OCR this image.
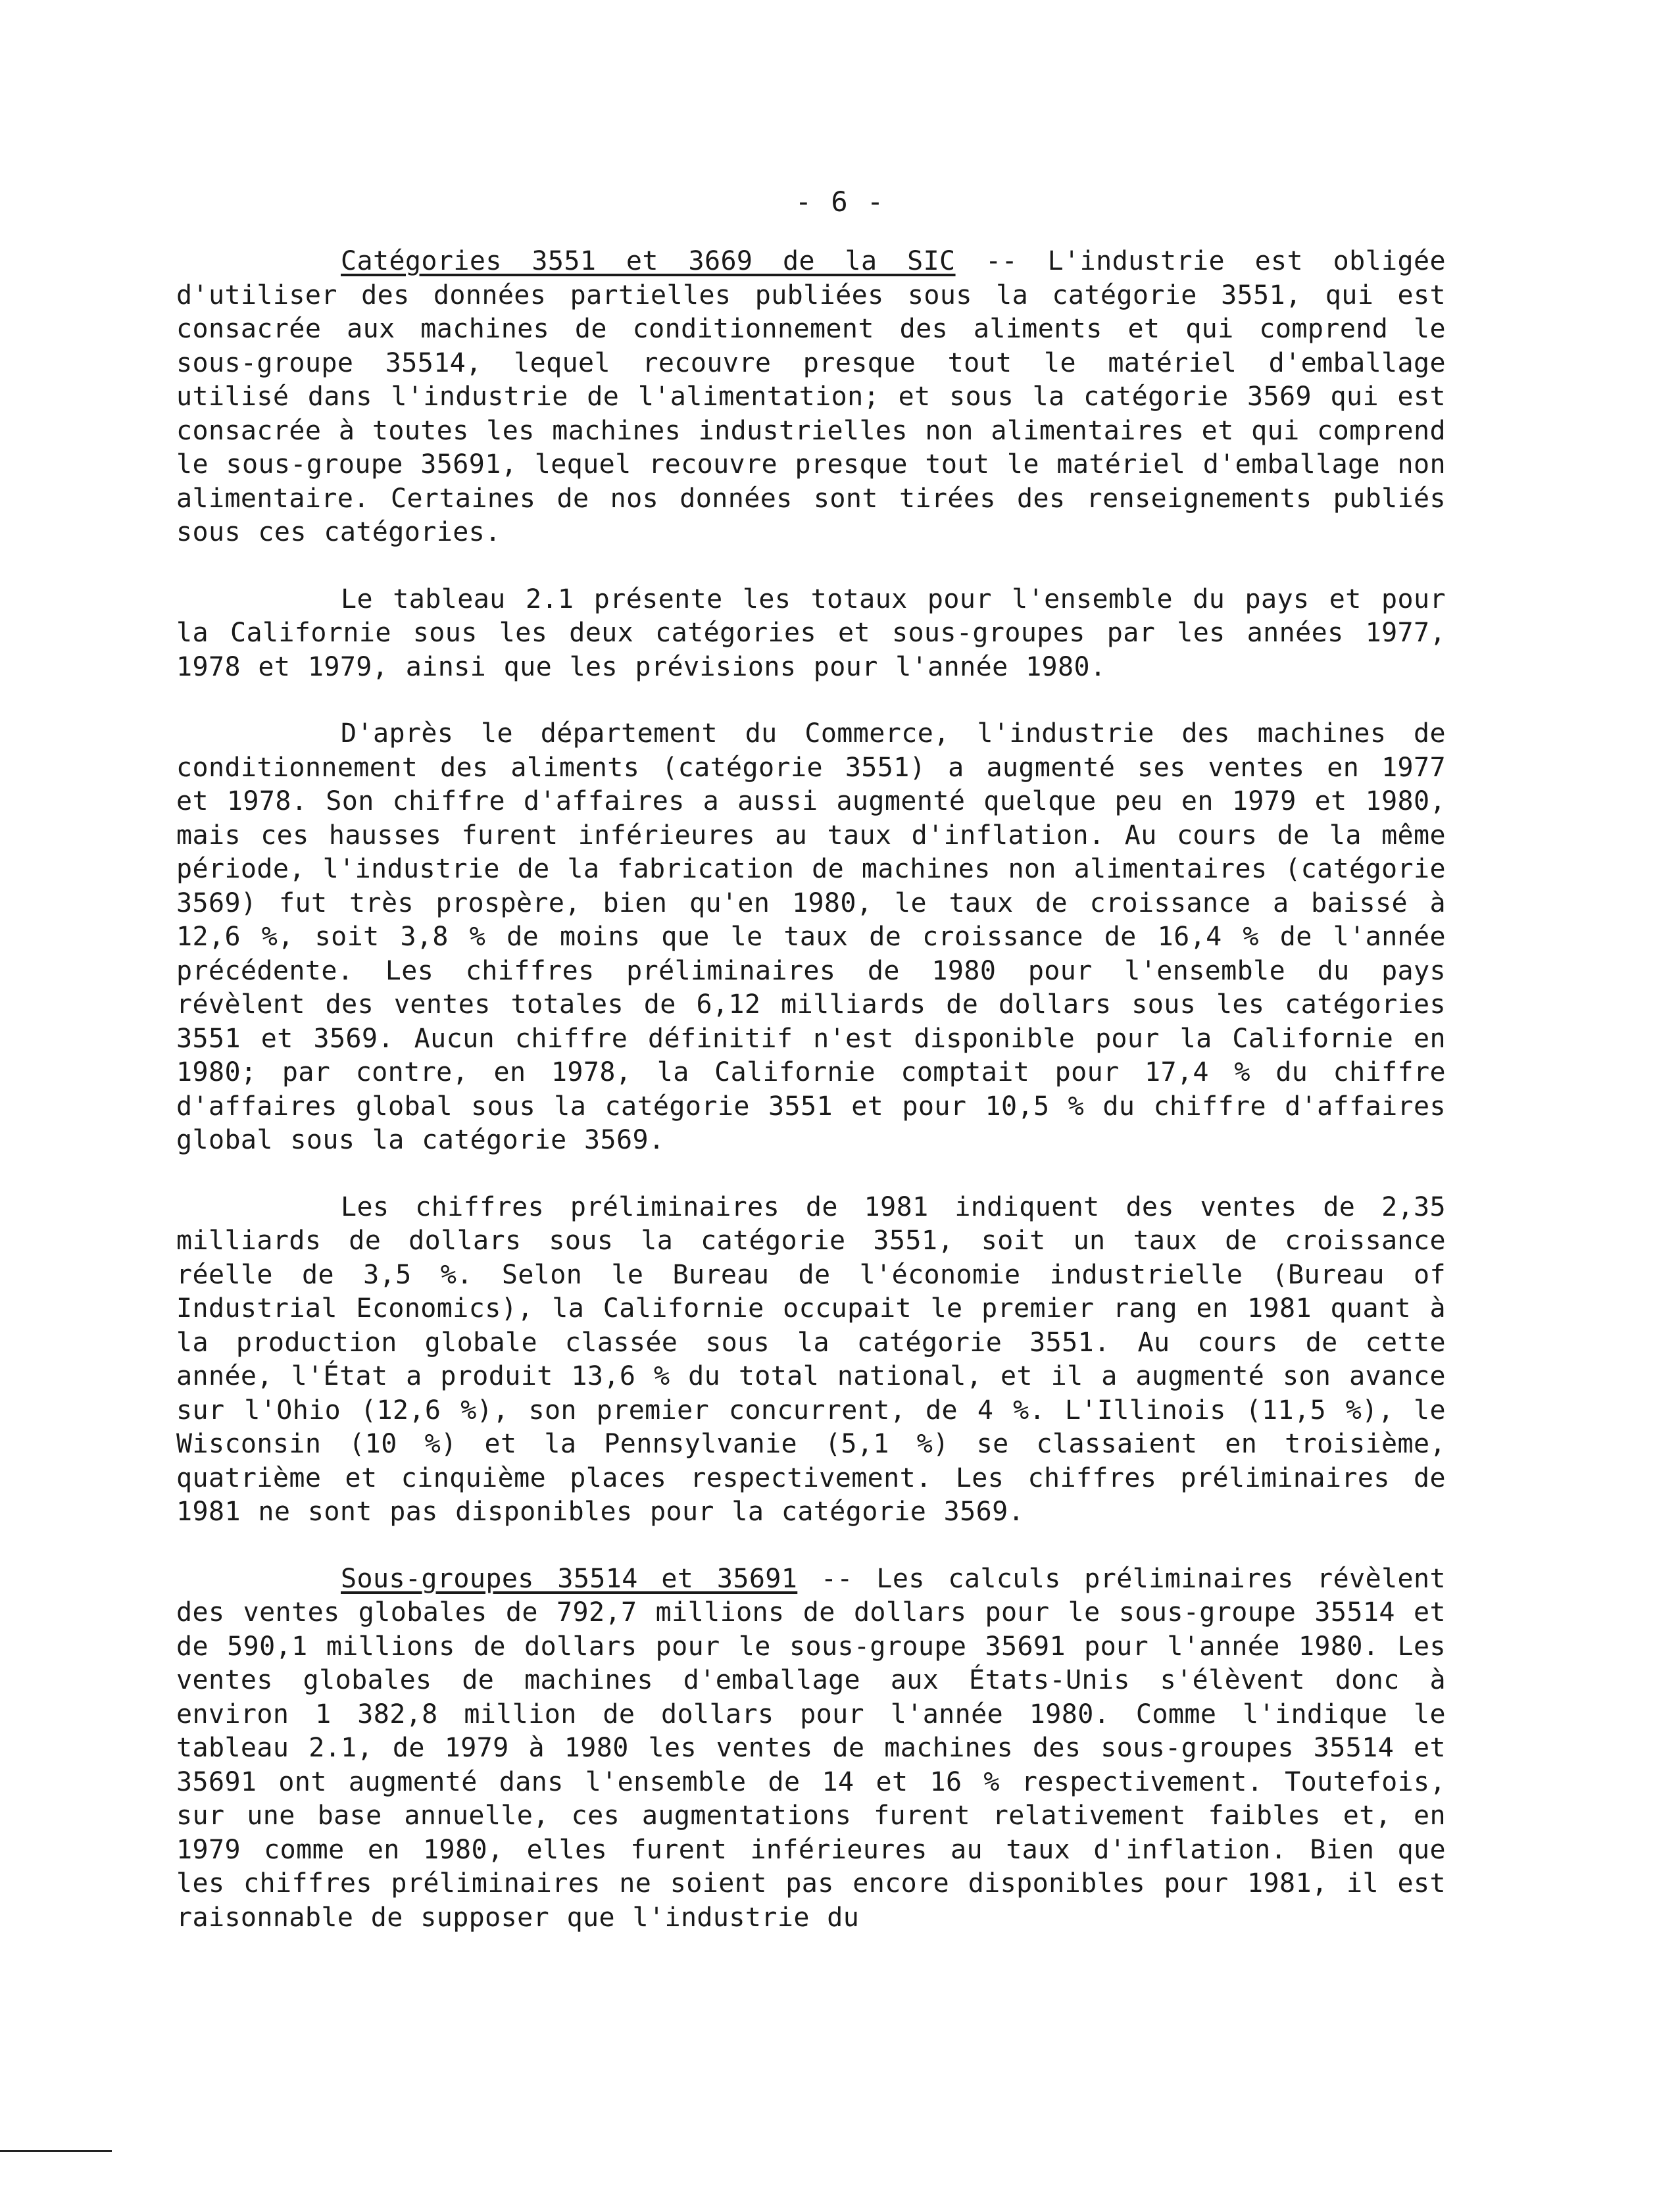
- 6 -

Catégories 3551 et 3669 de la SIC -- L'industrie est obligée d'utiliser des données partielles publiées sous la catégorie 3551, qui est consacrée aux machines de conditionnement des aliments et qui comprend le sous-groupe 35514, lequel recouvre presque tout le matériel d'emballage utilisé dans l'industrie de l'alimentation; et sous la catégorie 3569 qui est consacrée à toutes les machines industrielles non alimentaires et qui comprend le sous-groupe 35691, lequel recouvre presque tout le matériel d'emballage non alimentaire. Certaines de nos données sont tirées des renseignements publiés sous ces catégories.

Le tableau 2.1 présente les totaux pour l'ensemble du pays et pour la Californie sous les deux catégories et sous-groupes par les années 1977, 1978 et 1979, ainsi que les prévisions pour l'année 1980.

D'après le département du Commerce, l'industrie des machines de conditionnement des aliments (catégorie 3551) a augmenté ses ventes en 1977 et 1978. Son chiffre d'affaires a aussi augmenté quelque peu en 1979 et 1980, mais ces hausses furent inférieures au taux d'inflation. Au cours de la même période, l'industrie de la fabrication de machines non alimentaires (catégorie 3569) fut très prospère, bien qu'en 1980, le taux de croissance a baissé à 12,6 %, soit 3,8 % de moins que le taux de croissance de 16,4 % de l'année précédente. Les chiffres préliminaires de 1980 pour l'ensemble du pays révèlent des ventes totales de 6,12 milliards de dollars sous les catégories 3551 et 3569. Aucun chiffre définitif n'est disponible pour la Californie en 1980; par contre, en 1978, la Californie comptait pour 17,4 % du chiffre d'affaires global sous la catégorie 3551 et pour 10,5 % du chiffre d'affaires global sous la catégorie 3569.

Les chiffres préliminaires de 1981 indiquent des ventes de 2,35 milliards de dollars sous la catégorie 3551, soit un taux de croissance réelle de 3,5 %. Selon le Bureau de l'économie industrielle (Bureau of Industrial Economics), la Californie occupait le premier rang en 1981 quant à la production globale classée sous la catégorie 3551. Au cours de cette année, l'État a produit 13,6 % du total national, et il a augmenté son avance sur l'Ohio (12,6 %), son premier concurrent, de 4 %. L'Illinois (11,5 %), le Wisconsin (10 %) et la Pennsylvanie (5,1 %) se classaient en troisième, quatrième et cinquième places respectivement. Les chiffres préliminaires de 1981 ne sont pas disponibles pour la catégorie 3569.

Sous-groupes 35514 et 35691 -- Les calculs préliminaires révèlent des ventes globales de 792,7 millions de dollars pour le sous-groupe 35514 et de 590,1 millions de dollars pour le sous-groupe 35691 pour l'année 1980. Les ventes globales de machines d'emballage aux États-Unis s'élèvent donc à environ 1 382,8 million de dollars pour l'année 1980. Comme l'indique le tableau 2.1, de 1979 à 1980 les ventes de machines des sous-groupes 35514 et 35691 ont augmenté dans l'ensemble de 14 et 16 % respectivement. Toutefois, sur une base annuelle, ces augmentations furent relativement faibles et, en 1979 comme en 1980, elles furent inférieures au taux d'inflation. Bien que les chiffres préliminaires ne soient pas encore disponibles pour 1981, il est raisonnable de supposer que l'industrie du
